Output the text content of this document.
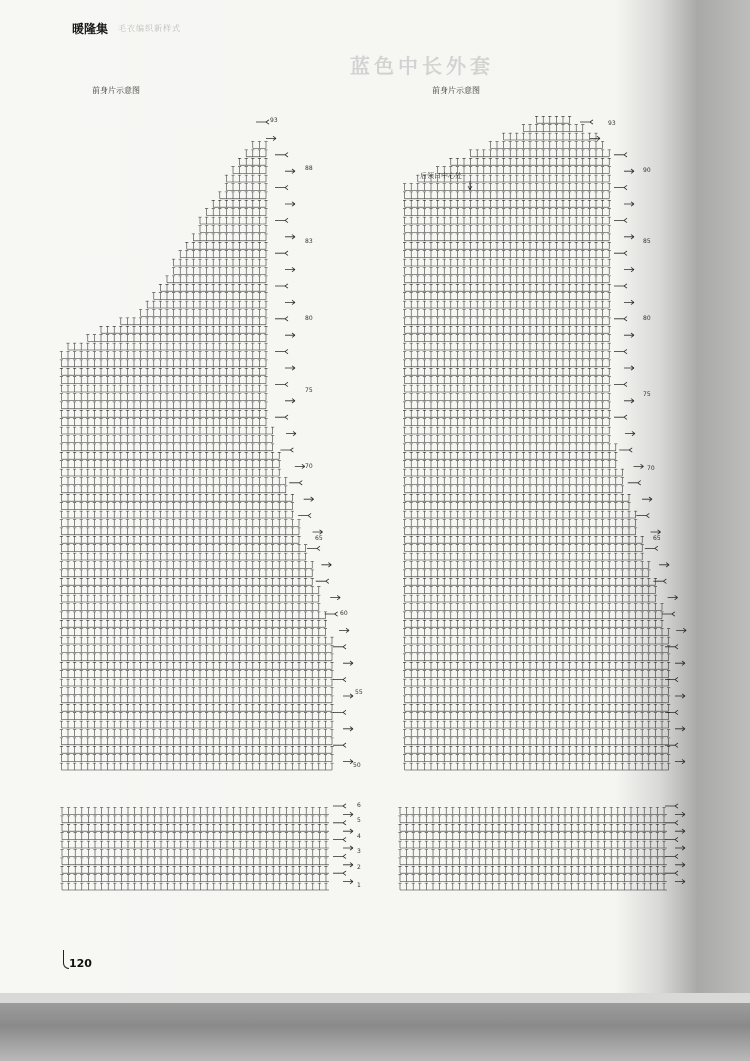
蓝色中长外套
暖隆集 毛衣编织新样式
前身片示意图	前身片示意图
后领口中心处
93
88
83
80
75
70
65
60
55
50
6
5
4
3
2
1
93
90
85
80
75
70
65
120
